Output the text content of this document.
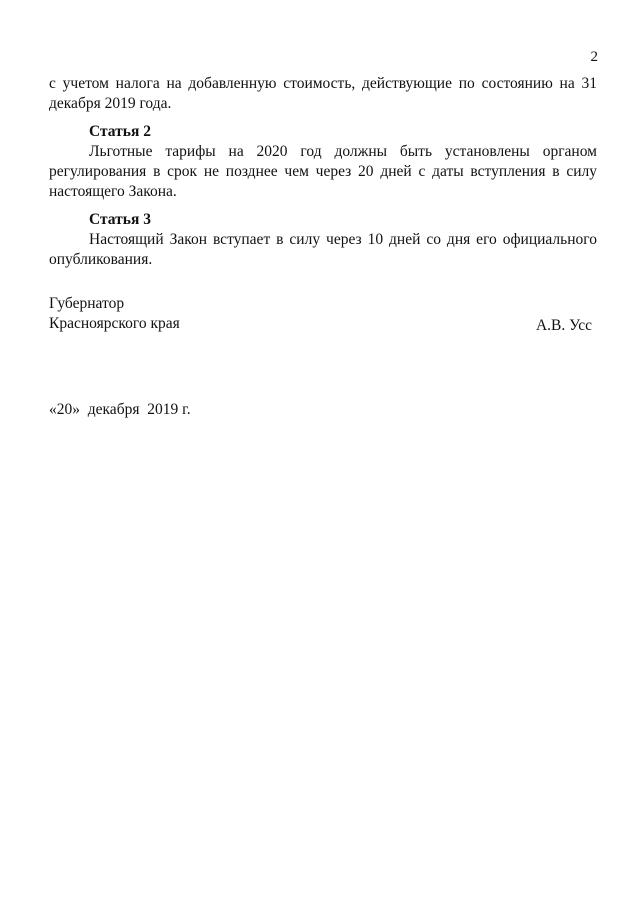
2

с учетом налога на добавленную стоимость, действующие по состоянию на 31 декабря 2019 года.

Статья 2

Льготные тарифы на 2020 год должны быть установлены органом регулирования в срок не позднее чем через 20 дней с даты вступления в силу настоящего Закона.

Статья 3

Настоящий Закон вступает в силу через 10 дней со дня его официального опубликования.

Губернатор

Красноярского края	А.В. Усс

«20»  декабря  2019 г.
